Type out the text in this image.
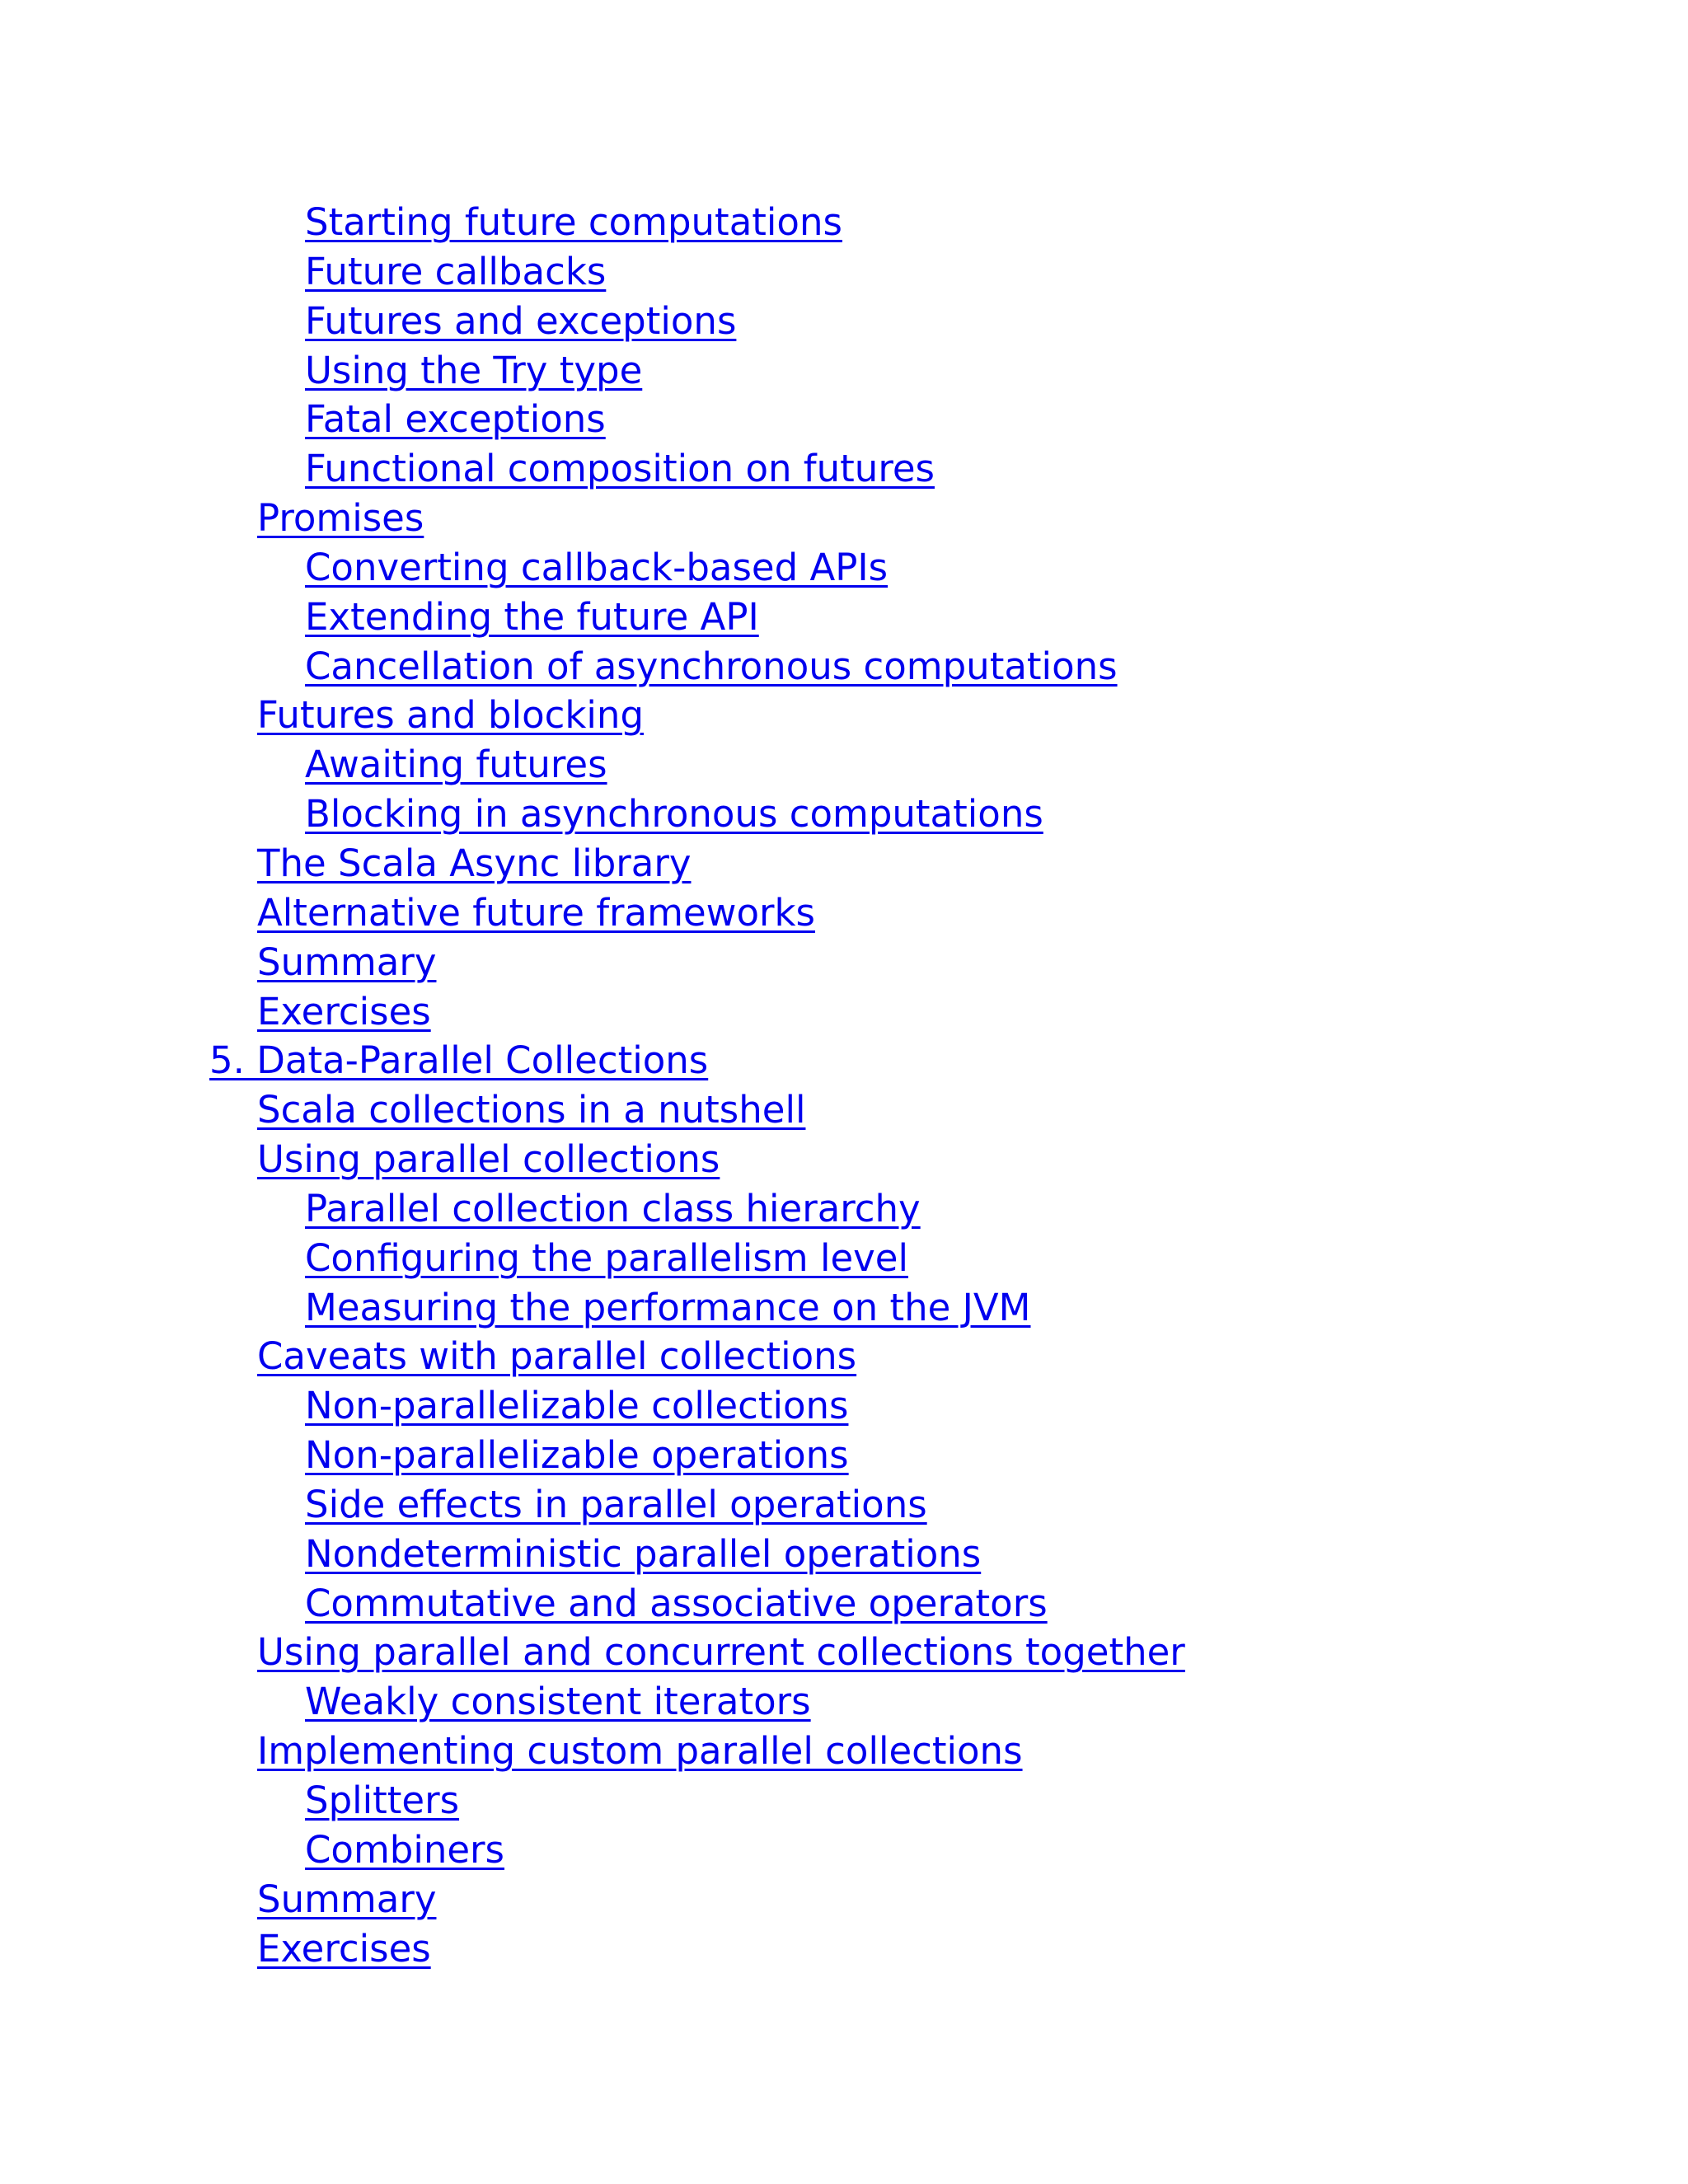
Starting future computations
Future callbacks
Futures and exceptions
Using the Try type
Fatal exceptions
Functional composition on futures
Promises
Converting callback-based APIs
Extending the future API
Cancellation of asynchronous computations
Futures and blocking
Awaiting futures
Blocking in asynchronous computations
The Scala Async library
Alternative future frameworks
Summary
Exercises
5. Data-Parallel Collections
Scala collections in a nutshell
Using parallel collections
Parallel collection class hierarchy
Configuring the parallelism level
Measuring the performance on the JVM
Caveats with parallel collections
Non-parallelizable collections
Non-parallelizable operations
Side effects in parallel operations
Nondeterministic parallel operations
Commutative and associative operators
Using parallel and concurrent collections together
Weakly consistent iterators
Implementing custom parallel collections
Splitters
Combiners
Summary
Exercises
